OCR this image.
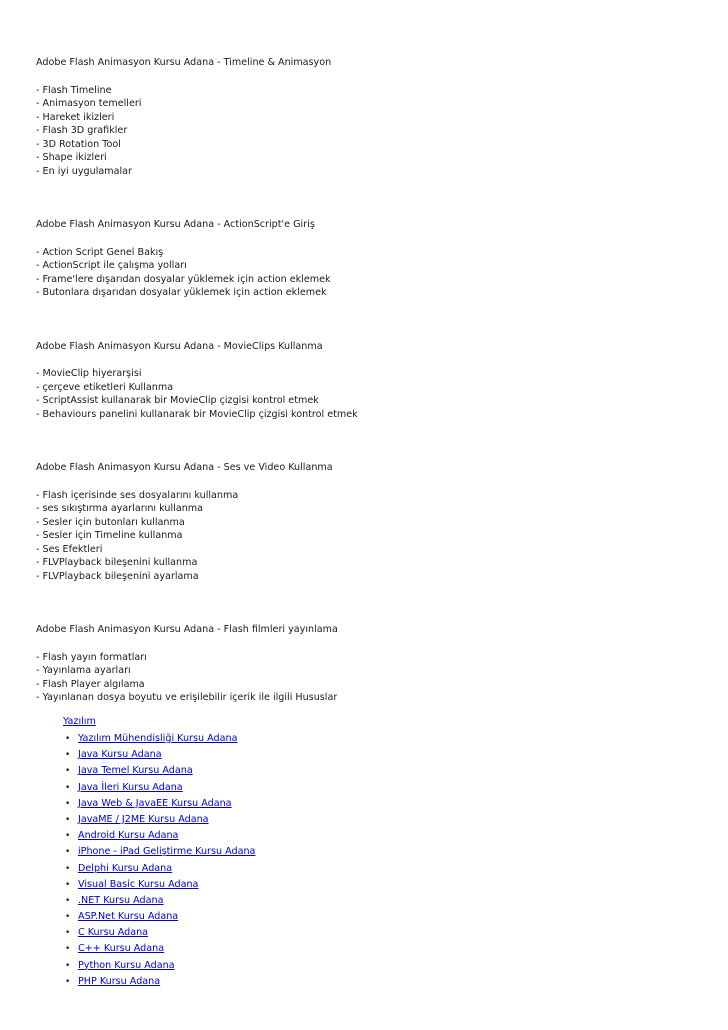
Adobe Flash Animasyon Kursu Adana - Timeline & Animasyon

- Flash Timeline

- Animasyon temelleri

- Hareket ikizleri

- Flash 3D grafikler

- 3D Rotation Tool

- Shape ikizleri

- En iyi uygulamalar

Adobe Flash Animasyon Kursu Adana - ActionScript'e Giriş

- Action Script Genel Bakış

- ActionScript ile çalışma yolları

- Frame'lere dışarıdan dosyalar yüklemek için action eklemek

- Butonlara dışarıdan dosyalar yüklemek için action eklemek

Adobe Flash Animasyon Kursu Adana - MovieClips Kullanma

- MovieClip hiyerarşisi

- çerçeve etiketleri Kullanma

- ScriptAssist kullanarak bir MovieClip çizgisi kontrol etmek

- Behaviours panelini kullanarak bir MovieClip çizgisi kontrol etmek

Adobe Flash Animasyon Kursu Adana - Ses ve Video Kullanma

- Flash içerisinde ses dosyalarını kullanma

- ses sıkıştırma ayarlarını kullanma

- Sesler için butonları kullanma

- Sesler için Timeline kullanma

- Ses Efektleri

- FLVPlayback bileşenini kullanma

- FLVPlayback bileşenini ayarlama

Adobe Flash Animasyon Kursu Adana - Flash filmleri yayınlama

- Flash yayın formatları

- Yayınlama ayarları

- Flash Player algılama

- Yayınlanan dosya boyutu ve erişilebilir içerik ile ilgili Hususlar

Yazılım
• Yazılım Mühendisliği Kursu Adana
• Java Kursu Adana
• Java Temel Kursu Adana
• Java İleri Kursu Adana
• Java Web & JavaEE Kursu Adana
• JavaME / J2ME Kursu Adana
• Android Kursu Adana
• iPhone - iPad Geliştirme Kursu Adana
• Delphi Kursu Adana
• Visual Basic Kursu Adana
• .NET Kursu Adana
• ASP.Net Kursu Adana
• C Kursu Adana
• C++ Kursu Adana
• Python Kursu Adana
• PHP Kursu Adana
